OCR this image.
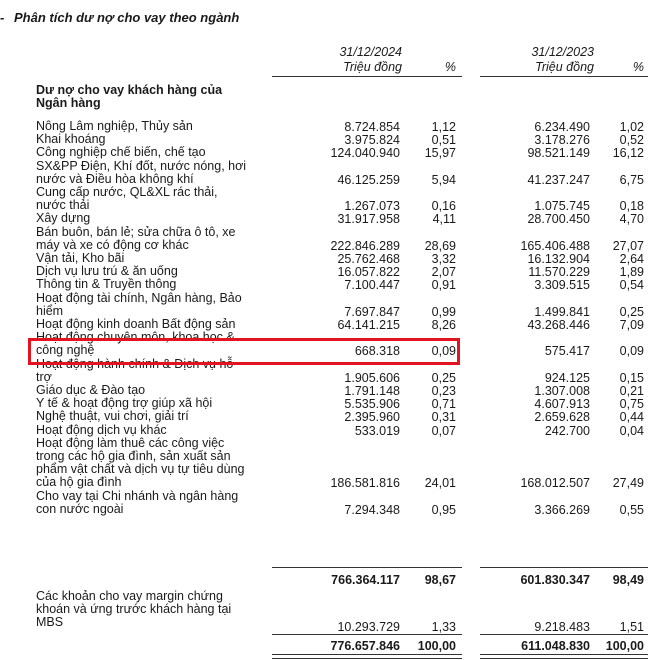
- Phân tích dư nợ cho vay theo ngành
31/12/2024
Triệu đồng	%
31/12/2023
Triệu đồng	%
Dư nợ cho vay khách hàng của
Ngân hàng
Nông Lâm nghiệp, Thủy sản	8.724.854	1,12	6.234.490	1,02
Khai khoáng	3.975.824	0,51	3.178.276	0,52
Công nghiệp chế biến, chế tạo	124.040.940	15,97	98.521.149	16,12
SX&PP Điện, Khí đốt, nước nóng, hơi
nước và Điều hòa không khí	46.125.259	5,94	41.237.247	6,75
Cung cấp nước, QL&XL rác thải,
nước thải	1.267.073	0,16	1.075.745	0,18
Xây dựng	31.917.958	4,11	28.700.450	4,70
Bán buôn, bán lẻ; sửa chữa ô tô, xe
máy và xe có động cơ khác	222.846.289	28,69	165.406.488	27,07
Vận tải, Kho bãi	25.762.468	3,32	16.132.904	2,64
Dịch vụ lưu trú & ăn uống	16.057.822	2,07	11.570.229	1,89
Thông tin & Truyền thông	7.100.447	0,91	3.309.515	0,54
Hoạt động tài chính, Ngân hàng, Bảo
hiểm	7.697.847	0,99	1.499.841	0,25
Hoạt động kinh doanh Bất động sản	64.141.215	8,26	43.268.446	7,09
Hoạt động chuyên môn, khoa học &
công nghệ	668.318	0,09	575.417	0,09
Hoạt động hành chính & Dịch vụ hỗ
trợ	1.905.606	0,25	924.125	0,15
Giáo dục & Đào tạo	1.791.148	0,23	1.307.008	0,21
Y tế & hoạt động trợ giúp xã hội	5.535.906	0,71	4.607.913	0,75
Nghệ thuật, vui chơi, giải trí	2.395.960	0,31	2.659.628	0,44
Hoạt động dịch vụ khác	533.019	0,07	242.700	0,04
Hoạt động làm thuê các công việc
trong các hộ gia đình, sản xuất sản
phẩm vật chất và dịch vụ tự tiêu dùng
của hộ gia đình	186.581.816	24,01	168.012.507	27,49
Cho vay tại Chi nhánh và ngân hàng
con nước ngoài	7.294.348	0,95	3.366.269	0,55
766.364.117	98,67	601.830.347	98,49
Các khoản cho vay margin chứng
khoán và ứng trước khách hàng tại
MBS	10.293.729	1,33	9.218.483	1,51
776.657.846	100,00	611.048.830	100,00
